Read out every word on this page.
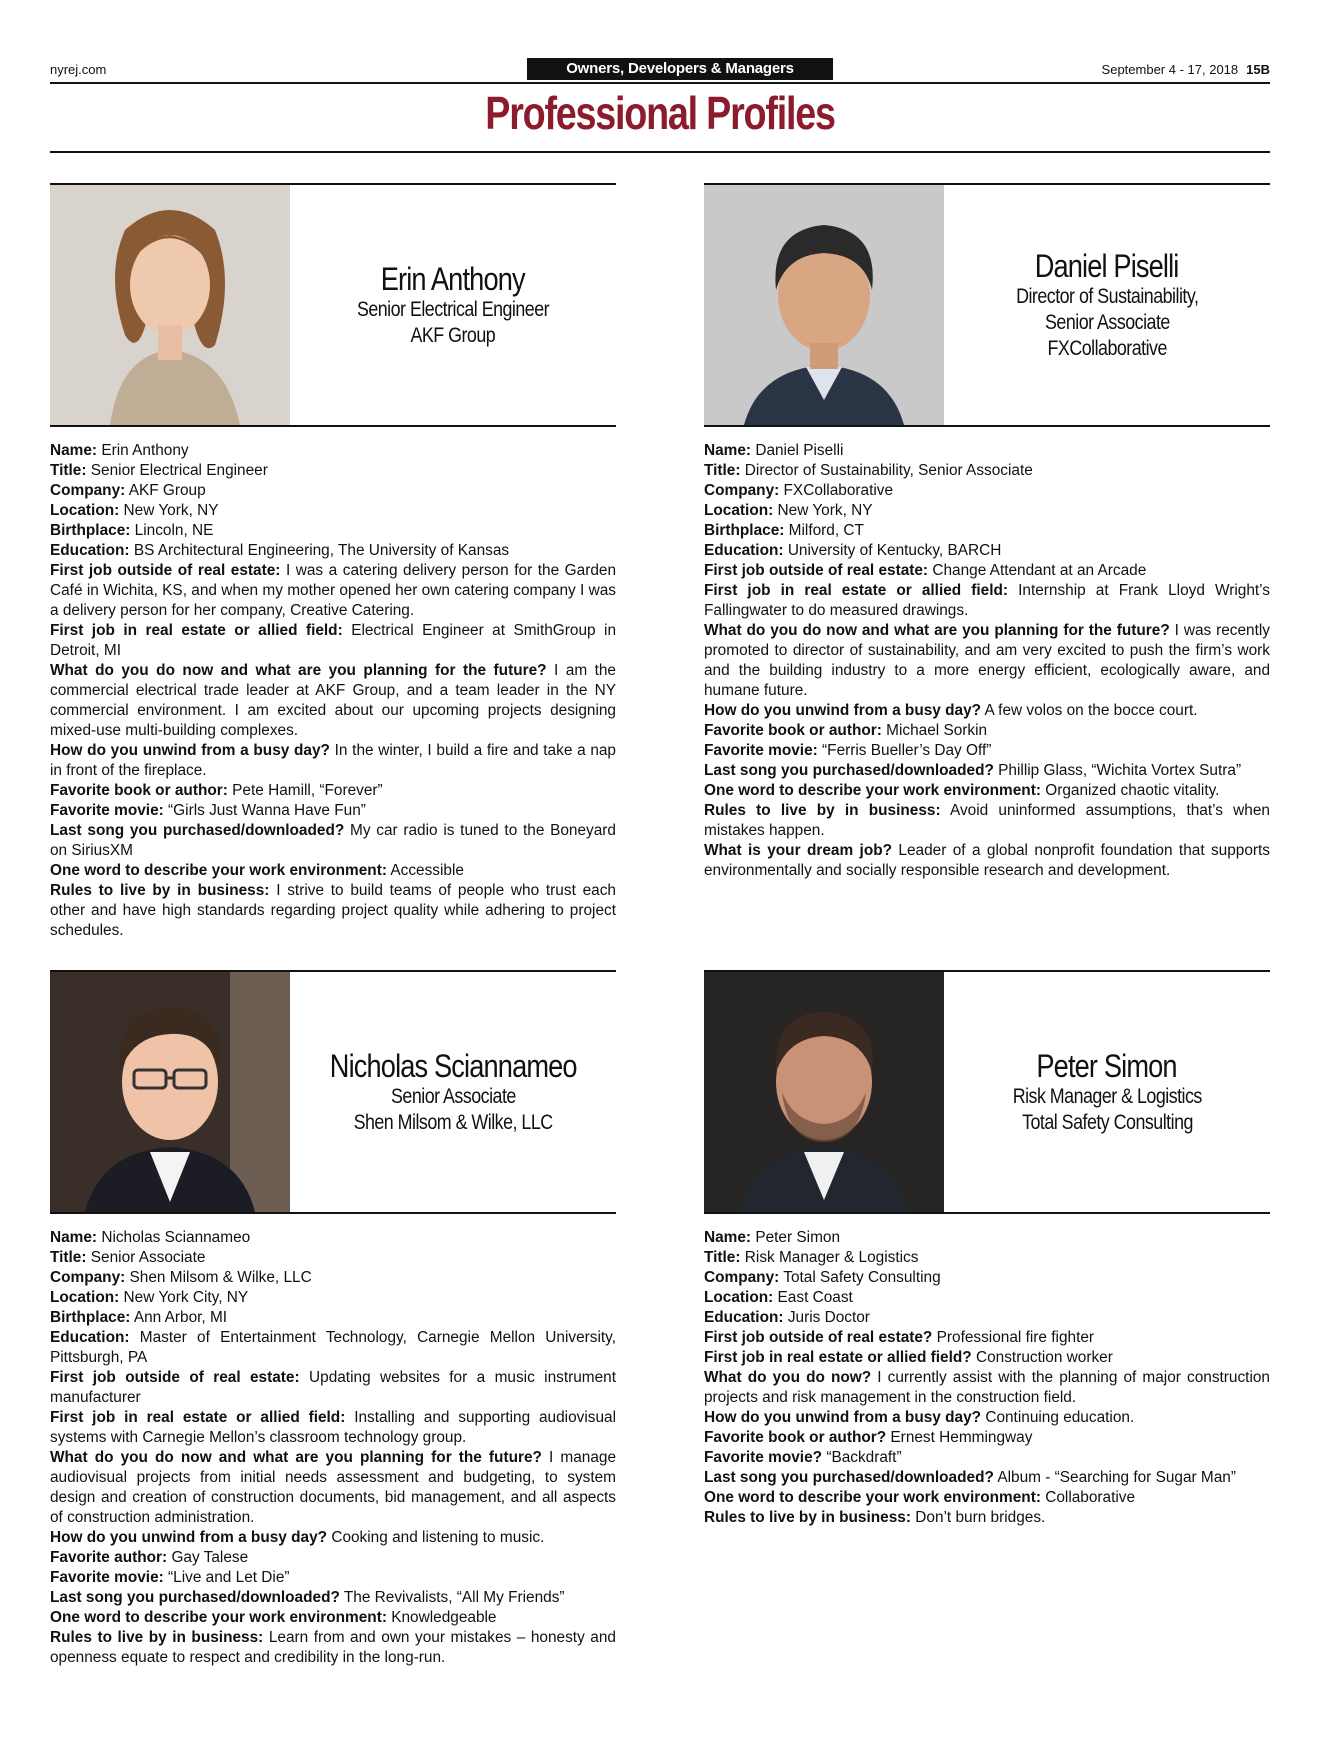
nyrej.com	Owners, Developers & Managers	September 4 - 17, 2018 15B
Professional Profiles
Erin Anthony
Senior Electrical Engineer
AKF Group

Name: Erin Anthony

Title: Senior Electrical Engineer

Company: AKF Group

Location: New York, NY

Birthplace: Lincoln, NE

Education: BS Architectural Engineering, The University of Kansas

First job outside of real estate: I was a catering delivery person for the Garden Café in Wichita, KS, and when my mother opened her own catering company I was a delivery person for her company, Creative Catering.

First job in real estate or allied field: Electrical Engineer at SmithGroup in Detroit, MI

What do you do now and what are you planning for the future? I am the commercial electrical trade leader at AKF Group, and a team leader in the NY commercial environment. I am excited about our upcoming projects designing mixed-use multi-building complexes.

How do you unwind from a busy day? In the winter, I build a fire and take a nap in front of the fireplace.

Favorite book or author: Pete Hamill, “Forever”

Favorite movie: “Girls Just Wanna Have Fun”

Last song you purchased/downloaded? My car radio is tuned to the Boneyard on SiriusXM

One word to describe your work environment: Accessible

Rules to live by in business: I strive to build teams of people who trust each other and have high standards regarding project quality while adhering to project schedules.

Daniel Piselli
Director of Sustainability,
Senior Associate
FXCollaborative

Name: Daniel Piselli

Title: Director of Sustainability, Senior Associate

Company: FXCollaborative

Location: New York, NY

Birthplace: Milford, CT

Education: University of Kentucky, BARCH

First job outside of real estate: Change Attendant at an Arcade

First job in real estate or allied field: Internship at Frank Lloyd Wright’s Fallingwater to do measured drawings.

What do you do now and what are you planning for the future? I was recently promoted to director of sustainability, and am very excited to push the firm’s work and the building industry to a more energy efficient, ecologically aware, and humane future.

How do you unwind from a busy day? A few volos on the bocce court.

Favorite book or author: Michael Sorkin

Favorite movie: “Ferris Bueller’s Day Off”

Last song you purchased/downloaded? Phillip Glass, “Wichita Vortex Sutra”

One word to describe your work environment: Organized chaotic vitality.

Rules to live by in business: Avoid uninformed assumptions, that’s when mistakes happen.

What is your dream job? Leader of a global nonprofit foundation that supports environmentally and socially responsible research and development.

Nicholas Sciannameo
Senior Associate
Shen Milsom & Wilke, LLC

Name: Nicholas Sciannameo

Title: Senior Associate

Company: Shen Milsom & Wilke, LLC

Location: New York City, NY

Birthplace: Ann Arbor, MI

Education: Master of Entertainment Technology, Carnegie Mellon University, Pittsburgh, PA

First job outside of real estate: Updating websites for a music instrument manufacturer

First job in real estate or allied field: Installing and supporting audiovisual systems with Carnegie Mellon’s classroom technology group.

What do you do now and what are you planning for the future? I manage audiovisual projects from initial needs assessment and budgeting, to system design and creation of construction documents, bid management, and all aspects of construction administration.

How do you unwind from a busy day? Cooking and listening to music.

Favorite author: Gay Talese

Favorite movie: “Live and Let Die”

Last song you purchased/downloaded? The Revivalists, “All My Friends”

One word to describe your work environment: Knowledgeable

Rules to live by in business: Learn from and own your mistakes – honesty and openness equate to respect and credibility in the long-run.

Peter Simon
Risk Manager & Logistics
Total Safety Consulting

Name: Peter Simon

Title: Risk Manager & Logistics

Company: Total Safety Consulting

Location: East Coast

Education: Juris Doctor

First job outside of real estate? Professional fire fighter

First job in real estate or allied field? Construction worker

What do you do now? I currently assist with the planning of major construction projects and risk management in the construction field.

How do you unwind from a busy day? Continuing education.

Favorite book or author? Ernest Hemmingway

Favorite movie? “Backdraft”

Last song you purchased/downloaded? Album - “Searching for Sugar Man”

One word to describe your work environment: Collaborative

Rules to live by in business: Don’t burn bridges.
